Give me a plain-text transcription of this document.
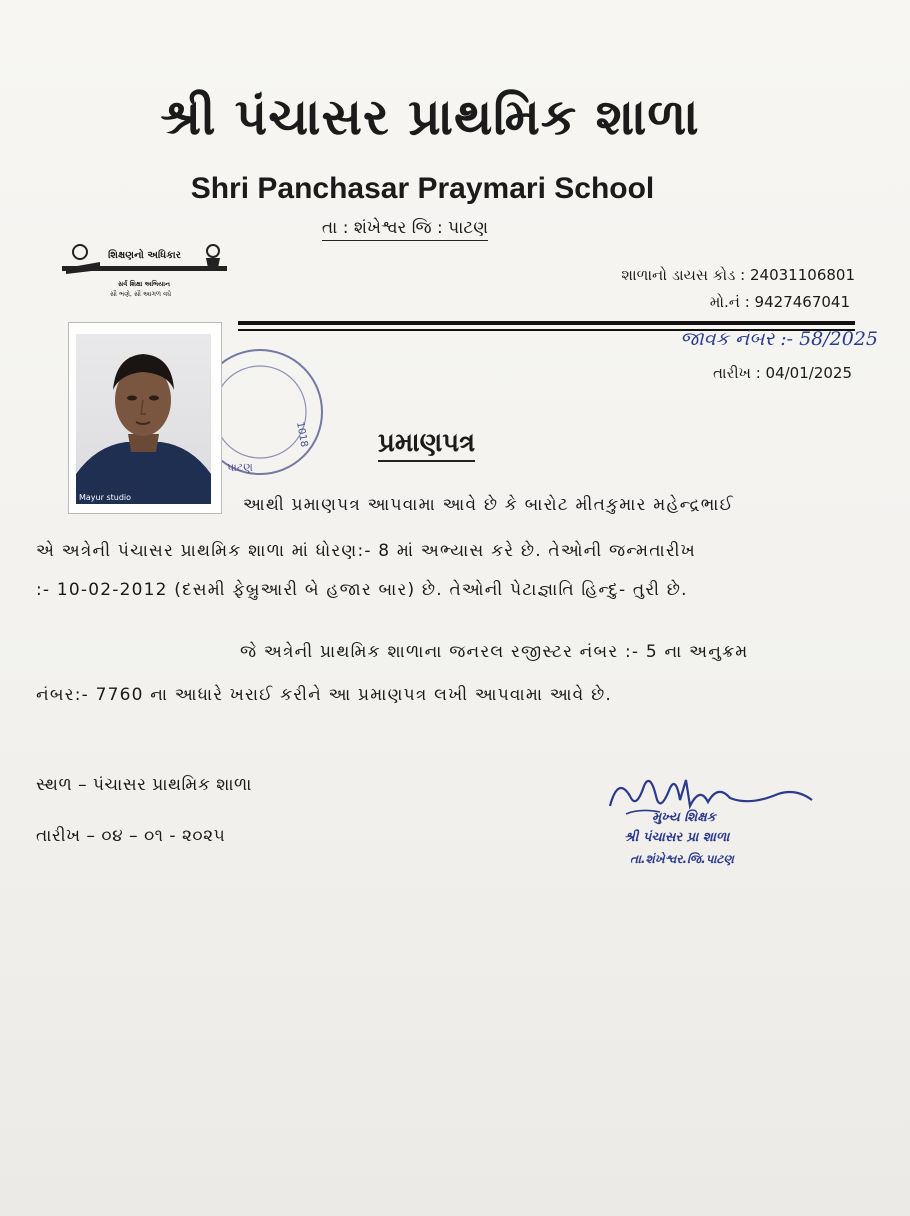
શ્રી પંચાસર પ્રાથમિક શાળા
Shri Panchasar Praymari School
તા : શંખેશ્વર જિ : પાટણ
શિક્ષણનો અધિકાર
સર્વ શિક્ષા અભિયાન
સૌ ભણે, સૌ આગળ વધે
શાળાનો ડાયસ કોડ : 24031106801
મો.નં : 9427467041
જાવક નંબર :- 58/2025
તારીખ : 04/01/2025
પાટણ
1018
Mayur studio
પ્રમાણપત્ર
આથી પ્રમાણપત્ર આપવામા આવે છે કે બારોટ મીતકુમાર મહેન્દ્રભાઈ
એ અત્રેની પંચાસર પ્રાથમિક શાળા માં ધોરણ:- 8 માં અભ્યાસ કરે છે. તેઓની જન્મતારીખ
:- 10-02-2012 (દસમી ફેબ્રુઆરી બે હજાર બાર) છે. તેઓની પેટાજ્ઞાતિ હિન્દુ- તુરી છે.
જે અત્રેની પ્રાથમિક શાળાના જનરલ રજીસ્ટર નંબર :- 5 ના અનુક્રમ
નંબર:- 7760 ના આધારે ખરાઈ કરીને આ પ્રમાણપત્ર લખી આપવામા આવે છે.
સ્થળ – પંચાસર પ્રાથમિક શાળા
તારીખ – ૦૪ – ૦૧ - ૨૦૨૫
મુખ્ય શિક્ષક
શ્રી પંચાસર પ્રા શાળા
તા.શંખેશ્વર.જિ.પાટણ
